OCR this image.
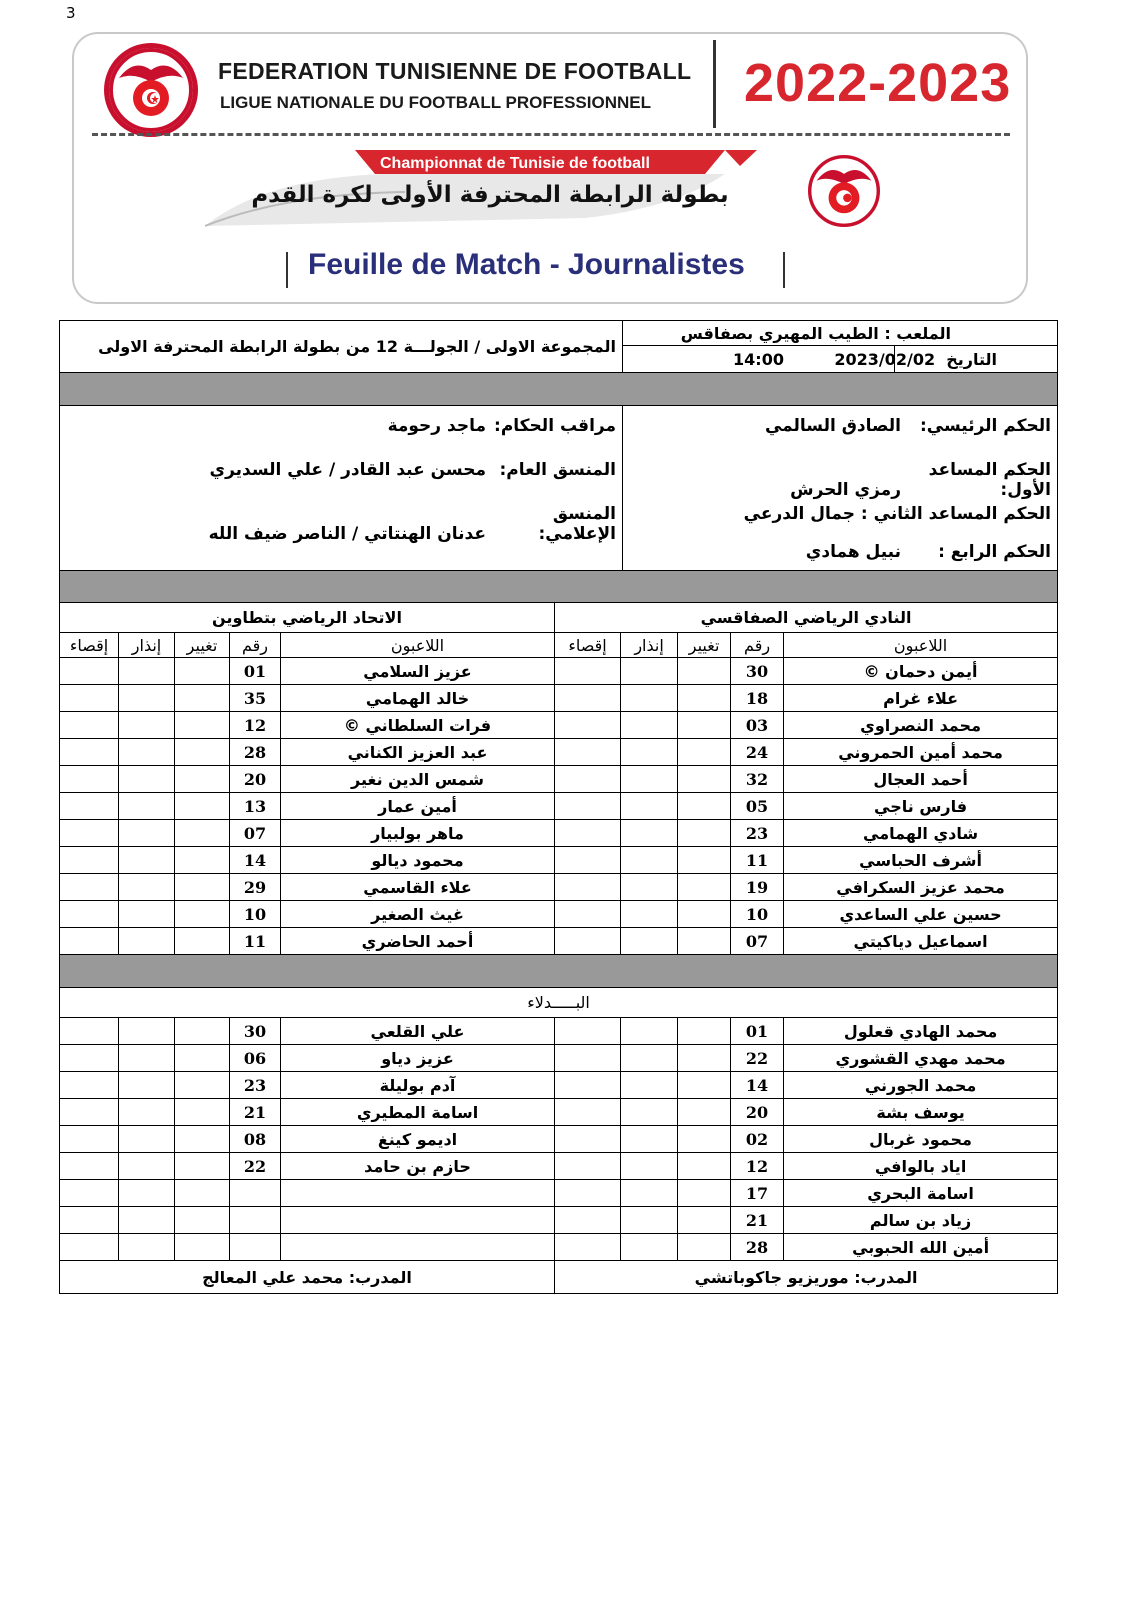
3
FEDERATION TUNISIENNE DE FOOTBALL
LIGUE NATIONALE DU FOOTBALL PROFESSIONNEL 2022-2023
Championnat de Tunisie de football
بطولة الرابطة المحترفة الأولى لكرة القدم
Feuille de Match - Journalistes
الملعب : الطيب المهيري بصفاقس		المجموعة الاولى / الجولـــة 12 من بطولة الرابطة المحترفة الاولى
التاريخ  2023/02/02	14:00	

الحكم الرئيسي:الصادق السالمي
الحكم المساعد الأول:رمزي الحرش
الحكم المساعد الثاني : جمال الدرعي
الحكم الرابع :نبيل همادي

مراقب الحكام:ماجد رحومة
المنسق العام:محسن عبد القادر / علي السديري
المنسق الإعلامي:عدنان الهنتاتي / الناصر ضيف الله

النادي الرياضي الصفاقسي					الاتحاد الرياضي بتطاوين				
اللاعبون	رقم	تغيير	إنذار	إقصاء	اللاعبون	رقم	تغيير	إنذار	إقصاء
أيمن دحمان ©	30				عزيز السلامي	01			
علاء غرام	18				خالد الهمامي	35			
محمد النصراوي	03				فرات السلطاني ©	12			
محمد أمين الحمروني	24				عبد العزيز الكناني	28			
أحمد العجال	32				شمس الدين نغير	20			
فارس ناجي	05				أمين عمار	13			
شادي الهمامي	23				ماهر بولبيار	07			
أشرف الحباسي	11				محمود ديالو	14			
محمد عزيز السكرافي	19				علاء القاسمي	29			
حسين علي الساعدي	10				غيث الصغير	10			
اسماعيل دياكيتي	07				أحمد الحاضري	11			

البـــــدلاء									
محمد الهادي قعلول	01				علي القلعي	30			
محمد مهدي القشوري	22				عزيز دياو	06			
محمد الجورني	14				آدم بوليلة	23			
يوسف بشة	20				اسامة المطيري	21			
محمود غربال	02				اديمو كينغ	08			
اياد بالوافي	12				حازم بن حامد	22			
اسامة البحري	17								
زياد بن سالم	21								
أمين الله الحبوبي	28								
المدرب: موريزيو جاكوباتشي					المدرب: محمد علي المعالج				
